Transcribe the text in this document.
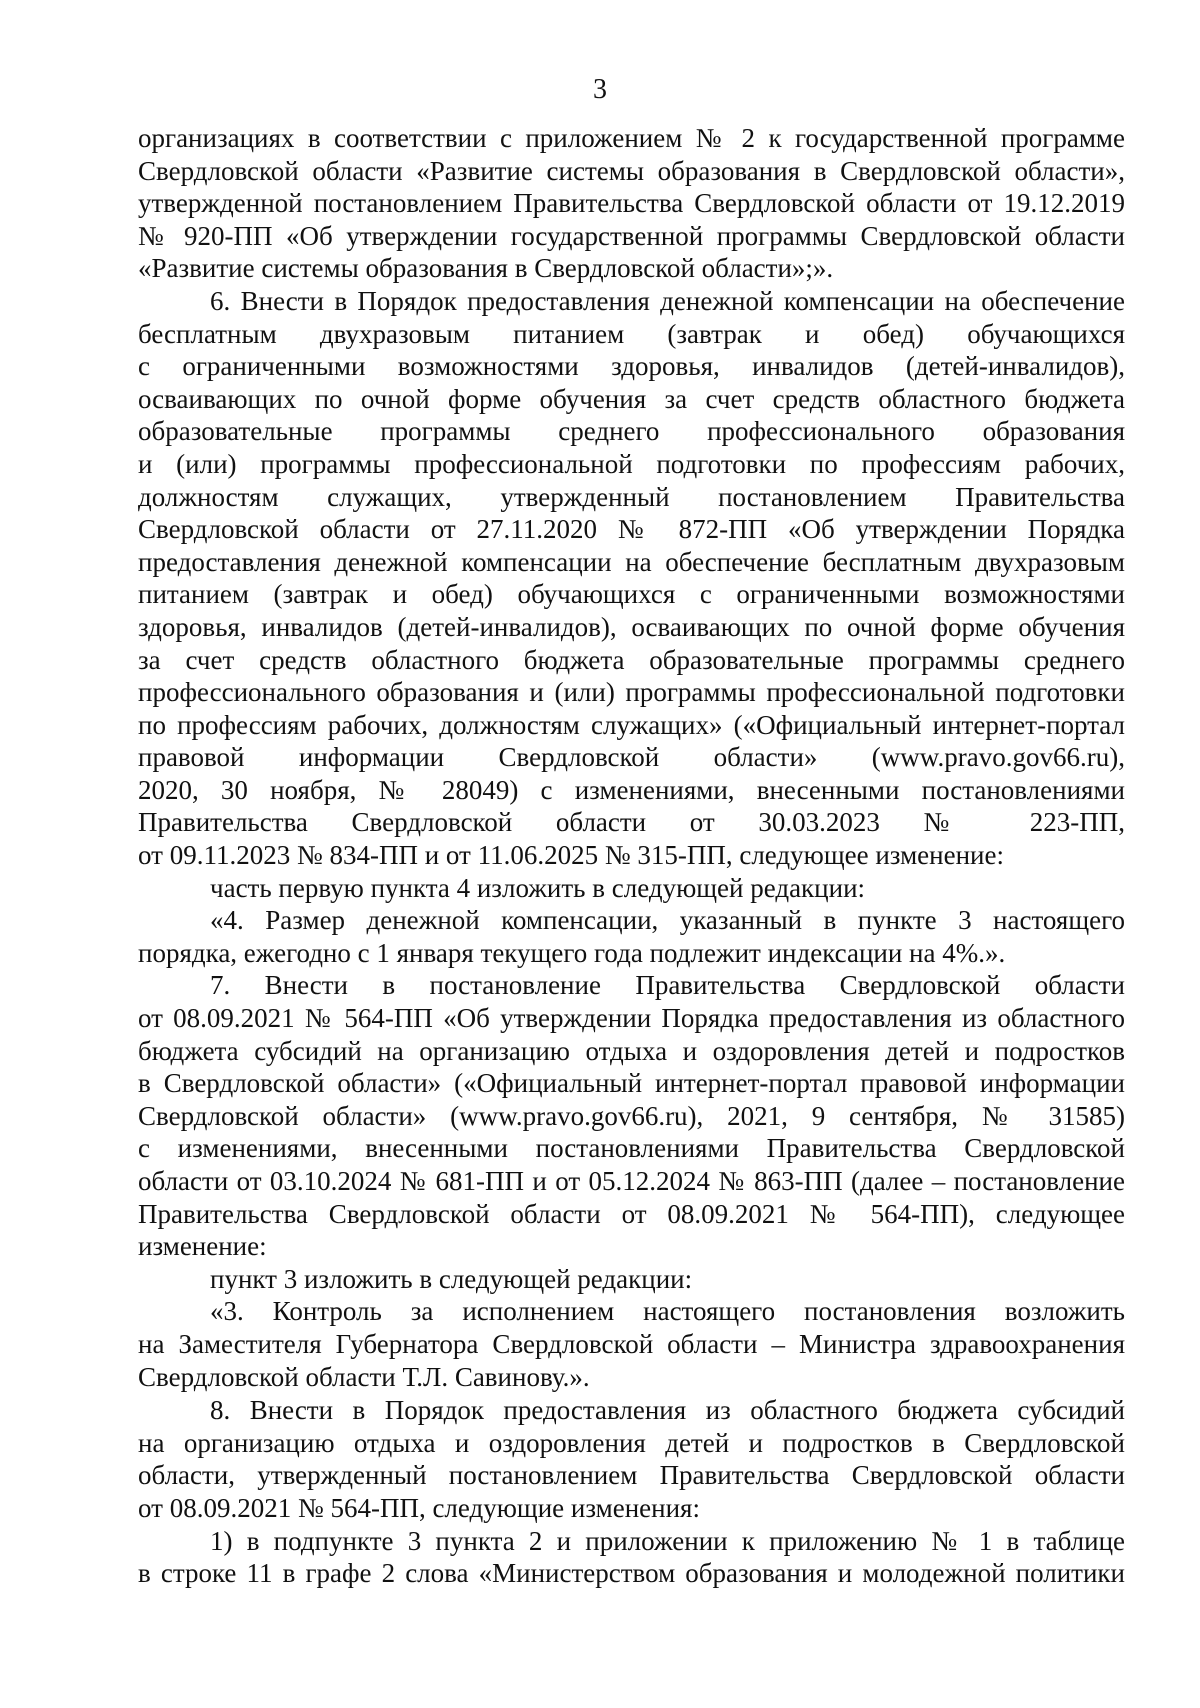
3
организациях в соответствии с приложением № 2 к государственной программе
Свердловской области «Развитие системы образования в Свердловской области»,
утвержденной постановлением Правительства Свердловской области от 19.12.2019
№ 920-ПП «Об утверждении государственной программы Свердловской области
«Развитие системы образования в Свердловской области»;».
6. Внести в Порядок предоставления денежной компенсации на обеспечение
бесплатным двухразовым питанием (завтрак и обед) обучающихся
с ограниченными возможностями здоровья, инвалидов (детей-инвалидов),
осваивающих по очной форме обучения за счет средств областного бюджета
образовательные программы среднего профессионального образования
и (или) программы профессиональной подготовки по профессиям рабочих,
должностям служащих, утвержденный постановлением Правительства
Свердловской области от 27.11.2020 № 872-ПП «Об утверждении Порядка
предоставления денежной компенсации на обеспечение бесплатным двухразовым
питанием (завтрак и обед) обучающихся с ограниченными возможностями
здоровья, инвалидов (детей-инвалидов), осваивающих по очной форме обучения
за счет средств областного бюджета образовательные программы среднего
профессионального образования и (или) программы профессиональной подготовки
по профессиям рабочих, должностям служащих» («Официальный интернет-портал
правовой информации Свердловской области» (www.pravo.gov66.ru),
2020, 30 ноября, № 28049) с изменениями, внесенными постановлениями
Правительства Свердловской области от 30.03.2023 № 223-ПП,
от 09.11.2023 № 834-ПП и от 11.06.2025 № 315-ПП, следующее изменение:
часть первую пункта 4 изложить в следующей редакции:
«4. Размер денежной компенсации, указанный в пункте 3 настоящего
порядка, ежегодно с 1 января текущего года подлежит индексации на 4%.».
7. Внести в постановление Правительства Свердловской области
от 08.09.2021 № 564-ПП «Об утверждении Порядка предоставления из областного
бюджета субсидий на организацию отдыха и оздоровления детей и подростков
в Свердловской области» («Официальный интернет-портал правовой информации
Свердловской области» (www.pravo.gov66.ru), 2021, 9 сентября, № 31585)
с изменениями, внесенными постановлениями Правительства Свердловской
области от 03.10.2024 № 681-ПП и от 05.12.2024 № 863-ПП (далее – постановление
Правительства Свердловской области от 08.09.2021 № 564-ПП), следующее
изменение:
пункт 3 изложить в следующей редакции:
«3. Контроль за исполнением настоящего постановления возложить
на Заместителя Губернатора Свердловской области – Министра здравоохранения
Свердловской области Т.Л. Савинову.».
8. Внести в Порядок предоставления из областного бюджета субсидий
на организацию отдыха и оздоровления детей и подростков в Свердловской
области, утвержденный постановлением Правительства Свердловской области
от 08.09.2021 № 564-ПП, следующие изменения:
1) в подпункте 3 пункта 2 и приложении к приложению № 1 в таблице
в строке 11 в графе 2 слова «Министерством образования и молодежной политики
